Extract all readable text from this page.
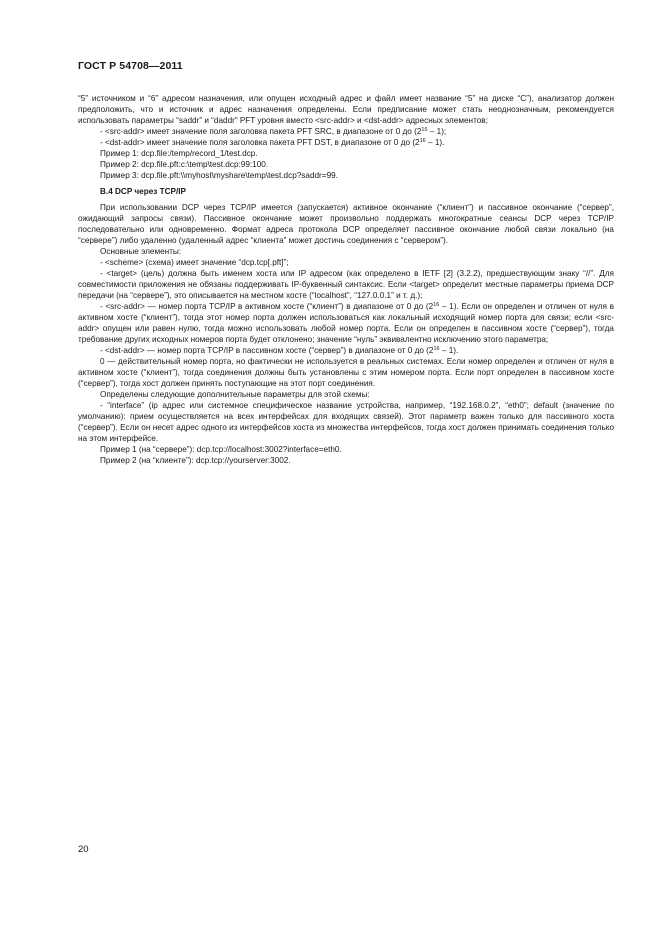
ГОСТ Р 54708—2011

“5” источником и “6” адресом назначения, или опущен исходный адрес и файл имеет название “5” на диске “C”), анализатор должен предположить, что и источник и адрес назначения определены. Если предписание может стать неоднозначным, рекомендуется использовать параметры “saddr” и “daddr” PFT уровня вместо <src-addr> и <dst-addr> адресных элементов;

- <src-addr> имеет значение поля заголовка пакета PFT SRC, в диапазоне от 0 до $(2^{16} - 1)$;

- <dst-addr> имеет значение поля заголовка пакета PFT DST, в диапазоне от 0 до $(2^{16} - 1)$.

Пример 1: dcp.file:/temp/record_1/test.dcp.

Пример 2: dcp.file.pft:c:\temp\test.dcp:99:100.

Пример 3: dcp.file.pft:\\myhost\myshare\temp\test.dcp?saddr=99.

В.4 DCP через TCP/IP

При использовании DCP через TCP/IP имеется (запускается) активное окончание (“клиент”) и пассивное окончание (“сервер”, ожидающий запросы связи). Пассивное окончание может произвольно поддержать многократные сеансы DCP через TCP/IP последовательно или одновременно. Формат адреса протокола DCP определяет пассивное окончание любой связи локально (на “сервере”) либо удаленно (удаленный адрес “клиента” может достичь соединения с “сервером”).

Основные элементы:

- <scheme> (схема) имеет значение “dcp.tcp[.pft]”;

- <target> (цель) должна быть именем хоста или IP адресом (как определено в IETF [2] (3.2.2), предшествующим знаку “//”. Для совместимости приложения не обязаны поддерживать IP-буквенный синтаксис. Если <target> определит местные параметры приема DCP передачи (на “сервере”), это описывается на местном хосте (“localhost”, “127.0.0.1” и т. д.);

- <src-addr> — номер порта TCP/IP в активном хосте (“клиент”) в диапазоне от 0 до $(2^{16} - 1)$. Если он определен и отличен от нуля в активном хосте (“клиент”), тогда этот номер порта должен использоваться как локальный исходящий номер порта для связи; если <src-addr> опущен или равен нулю, тогда можно использовать любой номер порта. Если он определен в пассивном хосте (“сервер”), тогда требование других исходных номеров порта будет отклонено; значение “нуль” эквивалентно исключению этого параметра;

- <dst-addr> — номер порта TCP/IP в пассивном хосте (“сервер”) в диапазоне от 0 до $(2^{16} - 1)$.

0 — действительный номер порта, но фактически не используется в реальных системах. Если номер определен и отличен от нуля в активном хосте (“клиент”), тогда соединения должны быть установлены с этим номером порта. Если порт определен в пассивном хосте (“сервер”), тогда хост должен принять поступающие на этот порт соединения.

Определены следующие дополнительные параметры для этой схемы:

- “interface” (ip адрес или системное специфическое название устройства, например, “192.168.0.2”, “eth0”; default (значение по умолчанию): прием осуществляется на всех интерфейсах для входящих связей). Этот параметр важен только для пассивного хоста (“сервер”). Если он несет адрес одного из интерфейсов хоста из множества интерфейсов, тогда хост должен принимать соединения только на этом интерфейсе.

Пример 1 (на “сервере”): dcp.tcp://localhost:3002?interface=eth0.

Пример 2 (на “клиенте”): dcp.tcp://yourserver:3002.

20
